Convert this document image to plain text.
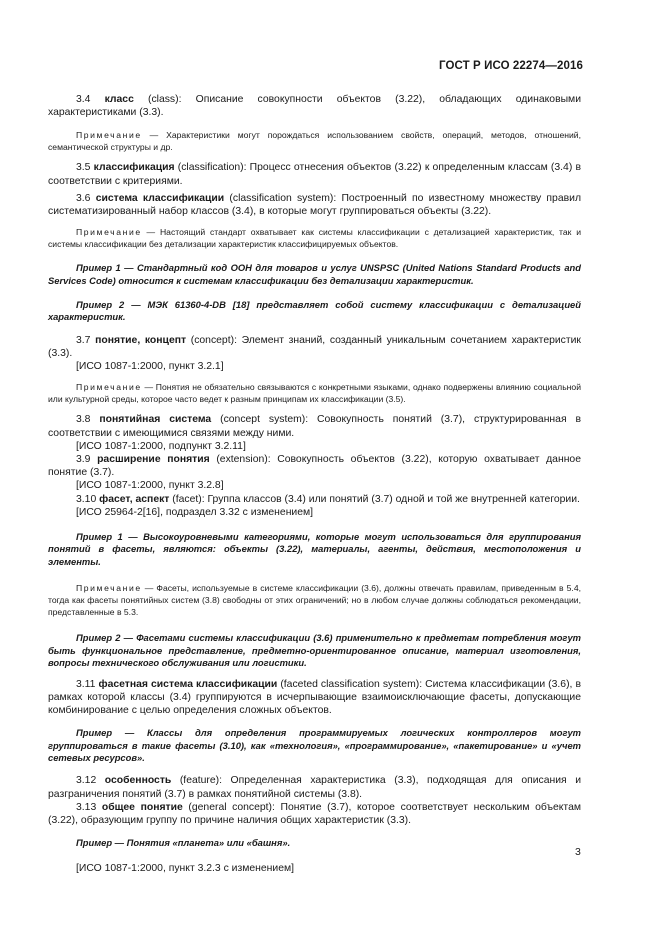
ГОСТ Р ИСО 22274—2016

3.4 класс (class): Описание совокупности объектов (3.22), обладающих одинаковыми характеристиками (3.3).

Примечание — Характеристики могут порождаться использованием свойств, операций, методов, отношений, семантической структуры и др.

3.5 классификация (classification): Процесс отнесения объектов (3.22) к определенным классам (3.4) в соответствии с критериями.

3.6 система классификации (classification system): Построенный по известному множеству правил систематизированный набор классов (3.4), в которые могут группироваться объекты (3.22).

Примечание — Настоящий стандарт охватывает как системы классификации с детализацией характеристик, так и системы классификации без детализации характеристик классифицируемых объектов.

Пример 1 — Стандартный код ООН для товаров и услуг UNSPSC (United Nations Standard Products and Services Code) относится к системам классификации без детализации характеристик.

Пример 2 — МЭК 61360-4-DB [18] представляет собой систему классификации с детализацией характеристик.

3.7 понятие, концепт (concept): Элемент знаний, созданный уникальным сочетанием характеристик (3.3).

[ИСО 1087-1:2000, пункт 3.2.1]

Примечание — Понятия не обязательно связываются с конкретными языками, однако подвержены влиянию социальной или культурной среды, которое часто ведет к разным принципам их классификации (3.5).

3.8 понятийная система (concept system): Совокупность понятий (3.7), структурированная в соответствии с имеющимися связями между ними.

[ИСО 1087-1:2000, подпункт 3.2.11]

3.9 расширение понятия (extension): Совокупность объектов (3.22), которую охватывает данное понятие (3.7).

[ИСО 1087-1:2000, пункт 3.2.8]

3.10 фасет, аспект (facet): Группа классов (3.4) или понятий (3.7) одной и той же внутренней категории.

[ИСО 25964-2[16], подраздел 3.32 с изменением]

Пример 1 — Высокоуровневыми категориями, которые могут использоваться для группирования понятий в фасеты, являются: объекты (3.22), материалы, агенты, действия, местоположения и элементы.

Примечание — Фасеты, используемые в системе классификации (3.6), должны отвечать правилам, приведенным в 5.4, тогда как фасеты понятийных систем (3.8) свободны от этих ограничений; но в любом случае должны соблюдаться рекомендации, представленные в 5.3.

Пример 2 — Фасетами системы классификации (3.6) применительно к предметам потребления могут быть функциональное представление, предметно-ориентированное описание, материал изготовления, вопросы технического обслуживания или логистики.

3.11 фасетная система классификации (faceted classification system): Система классификации (3.6), в рамках которой классы (3.4) группируются в исчерпывающие взаимоисключающие фасеты, допускающие комбинирование с целью определения сложных объектов.

Пример — Классы для определения программируемых логических контроллеров могут группироваться в такие фасеты (3.10), как «технология», «программирование», «пакетирование» и «учет сетевых ресурсов».

3.12 особенность (feature): Определенная характеристика (3.3), подходящая для описания и разграничения понятий (3.7) в рамках понятийной системы (3.8).

3.13 общее понятие (general concept): Понятие (3.7), которое соответствует нескольким объектам (3.22), образующим группу по причине наличия общих характеристик (3.3).

Пример — Понятия «планета» или «башня».

[ИСО 1087-1:2000, пункт 3.2.3 с изменением]

3
